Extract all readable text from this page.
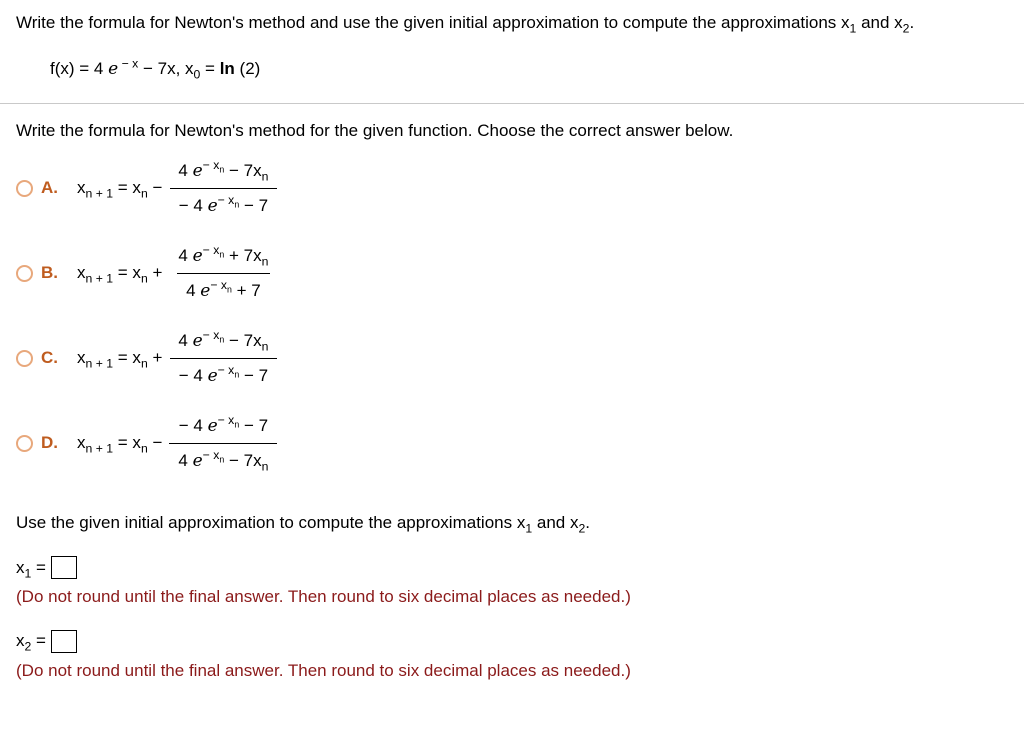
Write the formula for Newton's method and use the given initial approximation to compute the approximations $x_1$ and $x_2$.
f(x) = 4 e $^{- x}$ − 7x, $x_0 = \ln (2)$
Write the formula for Newton's method for the given function. Choose the correct answer below.
A.	$x_{n + 1} = x_n - \frac{4 e^{- x_n} - 7x_n}{- 4 e^{- x_n} - 7}$
B.	$x_{n + 1} = x_n + \frac{4 e^{- x_n} + 7x_n}{4 e^{- x_n} + 7}$
C.	$x_{n + 1} = x_n + \frac{4 e^{- x_n} - 7x_n}{- 4 e^{- x_n} - 7}$
D.	$x_{n + 1} = x_n - \frac{- 4 e^{- x_n} - 7}{4 e^{- x_n} - 7x_n}$
Use the given initial approximation to compute the approximations $x_1$ and $x_2$.
$x_1$ =
(Do not round until the final answer. Then round to six decimal places as needed.)
$x_2$ =
(Do not round until the final answer. Then round to six decimal places as needed.)
